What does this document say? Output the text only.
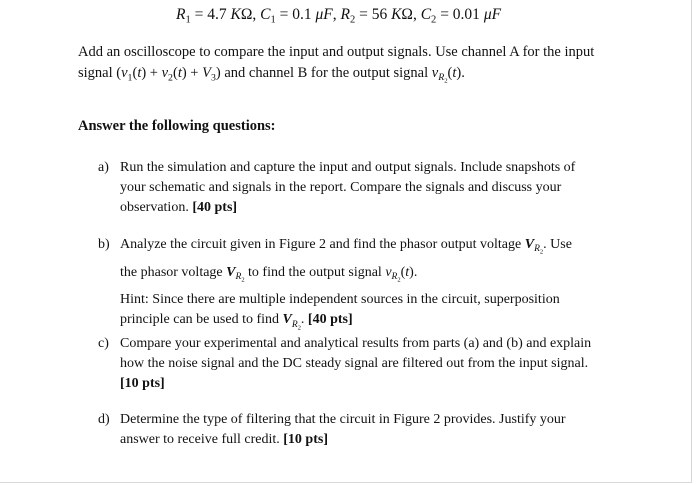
$R_1 = 4.7$ KΩ, $C_1 = 0.1$ μF, $R_2 = 56$ KΩ, $C_2 = 0.01$ μF
Add an oscilloscope to compare the input and output signals. Use channel A for the input signal $(v_1(t) + v_2(t) + V_3)$ and channel B for the output signal $v_{R_2}(t)$.
Answer the following questions:
a) Run the simulation and capture the input and output signals. Include snapshots of your schematic and signals in the report. Compare the signals and discuss your observation. [40 pts]
b) Analyze the circuit given in Figure 2 and find the phasor output voltage $V_{R_2}$. Use
the phasor voltage $V_{R_2}$ to find the output signal $v_{R_2}(t)$.
Hint: Since there are multiple independent sources in the circuit, superposition principle can be used to find $V_{R_2}$. [40 pts]
c) Compare your experimental and analytical results from parts (a) and (b) and explain how the noise signal and the DC steady signal are filtered out from the input signal. [10 pts]
d) Determine the type of filtering that the circuit in Figure 2 provides. Justify your answer to receive full credit. [10 pts]
